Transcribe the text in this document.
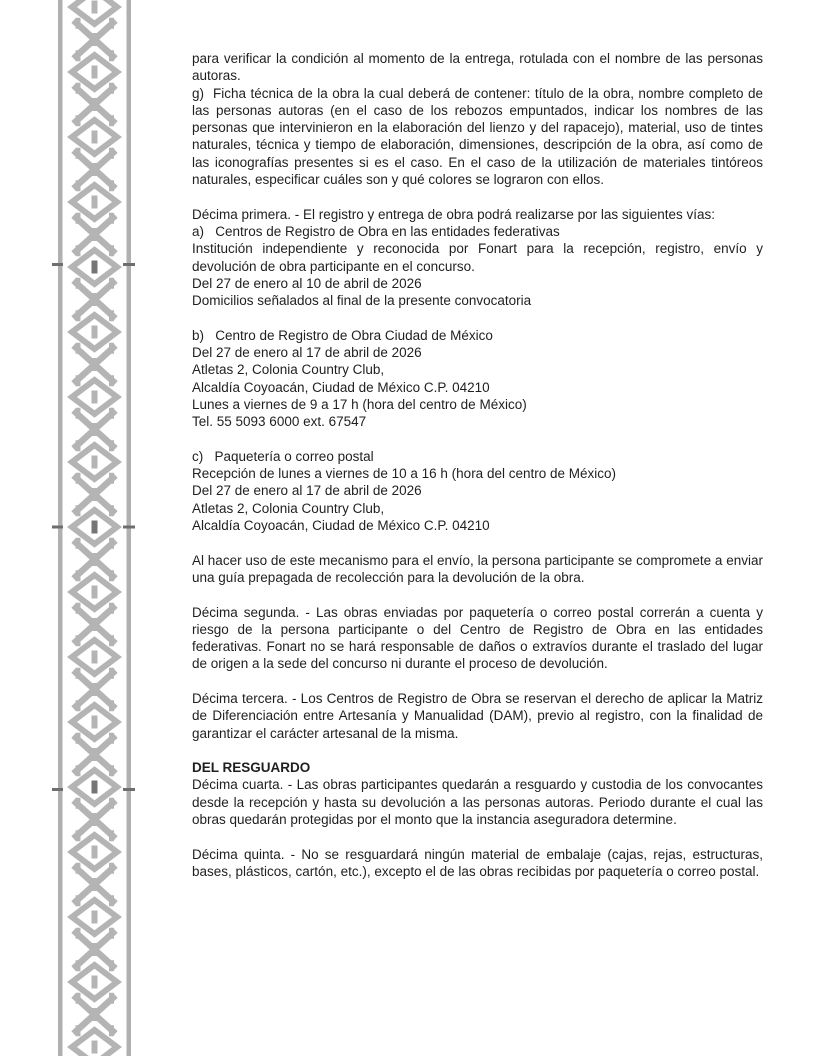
para verificar la condición al momento de la entrega, rotulada con el nombre de las personas autoras.

g)  Ficha técnica de la obra la cual deberá de contener: título de la obra, nombre completo de las personas autoras (en el caso de los rebozos empuntados, indicar los nombres de las personas que intervinieron en la elaboración del lienzo y del rapacejo), material, uso de tintes naturales, técnica y tiempo de elaboración, dimensiones, descripción de la obra, así como de las iconografías presentes si es el caso. En el caso de la utilización de materiales tintóreos naturales, especificar cuáles son y qué colores se lograron con ellos.

Décima primera. - El registro y entrega de obra podrá realizarse por las siguientes vías:

a)   Centros de Registro de Obra en las entidades federativas

Institución independiente y reconocida por Fonart para la recepción, registro, envío y devolución de obra participante en el concurso.

Del 27 de enero al 10 de abril de 2026

Domicilios señalados al final de la presente convocatoria

b)   Centro de Registro de Obra Ciudad de México

Del 27 de enero al 17 de abril de 2026

Atletas 2, Colonia Country Club,

Alcaldía Coyoacán, Ciudad de México C.P. 04210

Lunes a viernes de 9 a 17 h (hora del centro de México)

Tel. 55 5093 6000 ext. 67547

c)   Paquetería o correo postal

Recepción de lunes a viernes de 10 a 16 h (hora del centro de México)

Del 27 de enero al 17 de abril de 2026

Atletas 2, Colonia Country Club,

Alcaldía Coyoacán, Ciudad de México C.P. 04210

Al hacer uso de este mecanismo para el envío, la persona participante se compromete a enviar una guía prepagada de recolección para la devolución de la obra.

Décima segunda. - Las obras enviadas por paquetería o correo postal correrán a cuenta y riesgo de la persona participante o del Centro de Registro de Obra en las entidades federativas. Fonart no se hará responsable de daños o extravíos durante el traslado del lugar de origen a la sede del concurso ni durante el proceso de devolución.

Décima tercera. - Los Centros de Registro de Obra se reservan el derecho de aplicar la Matriz de Diferenciación entre Artesanía y Manualidad (DAM), previo al registro, con la finalidad de garantizar el carácter artesanal de la misma.

DEL RESGUARDO

Décima cuarta. - Las obras participantes quedarán a resguardo y custodia de los convocantes desde la recepción y hasta su devolución a las personas autoras. Periodo durante el cual las obras quedarán protegidas por el monto que la instancia aseguradora determine.

Décima quinta. - No se resguardará ningún material de embalaje (cajas, rejas, estructuras, bases, plásticos, cartón, etc.), excepto el de las obras recibidas por paquetería o correo postal.
